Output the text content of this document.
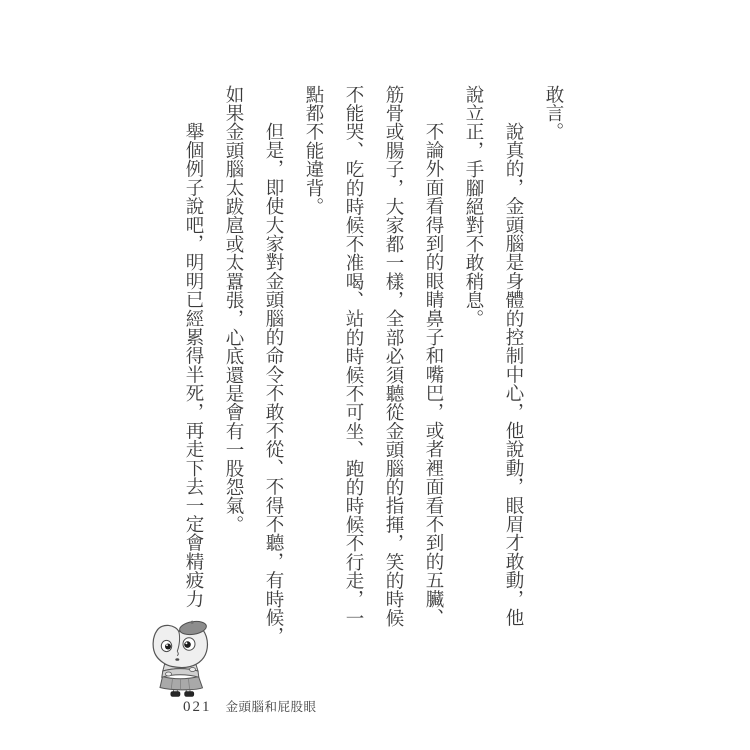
敢言。

說真的，金頭腦是身體的控制中心，他說動，眼眉才敢動，他

說立正，手腳絕對不敢稍息。

不論外面看得到的眼睛鼻子和嘴巴，或者裡面看不到的五臟、

筋骨或腸子，大家都一樣，全部必須聽從金頭腦的指揮，笑的時候

不能哭、吃的時候不准喝、站的時候不可坐、跑的時候不行走，一

點都不能違背。

但是，即使大家對金頭腦的命令不敢不從、不得不聽，有時候，

如果金頭腦太跋扈或太囂張，心底還是會有一股怨氣。

舉個例子說吧，明明已經累得半死，再走下去一定會精疲力

021 金頭腦和屁股眼
